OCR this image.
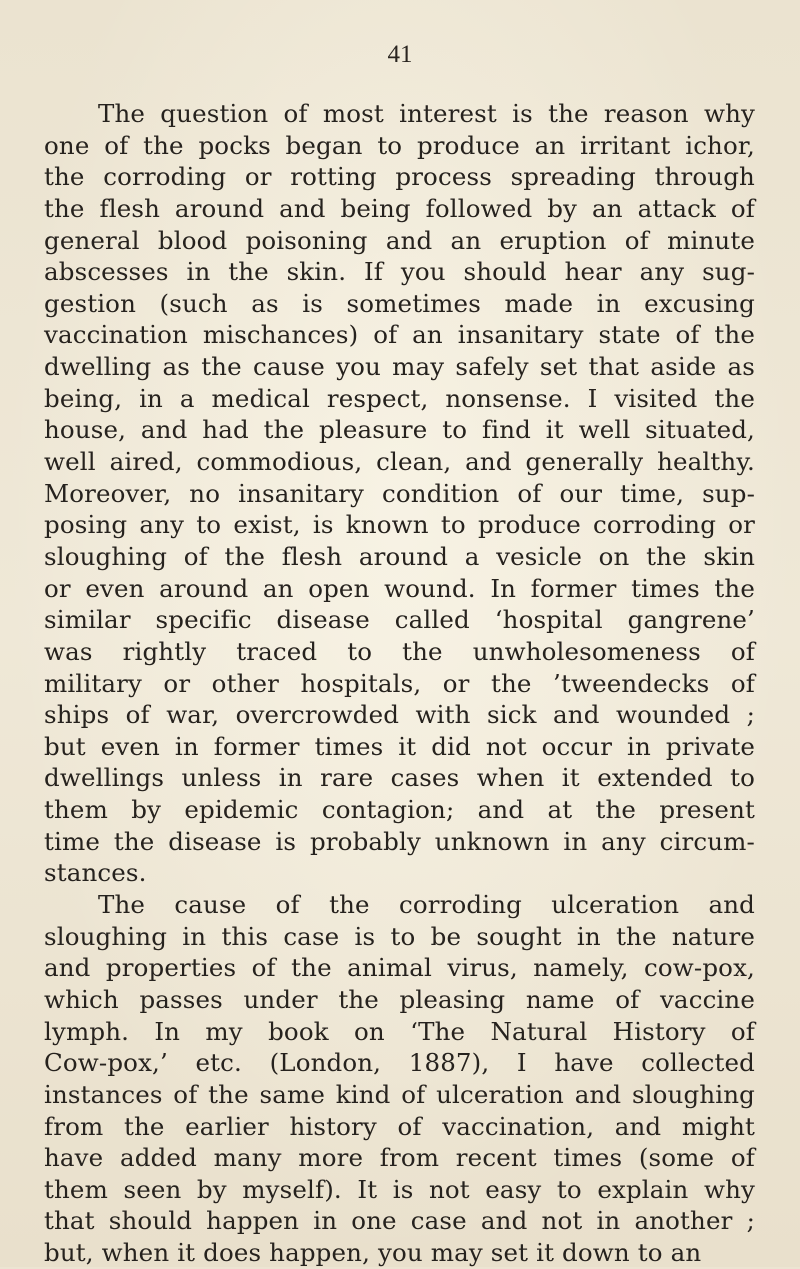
41
The question of most interest is the reason why
one of the pocks began to produce an irritant ichor,
the corroding or rotting process spreading through
the flesh around and being followed by an attack of
general blood poisoning and an eruption of minute
abscesses in the skin. If you should hear any sug-
gestion (such as is sometimes made in excusing
vaccination mischances) of an insanitary state of the
dwelling as the cause you may safely set that aside as
being, in a medical respect, nonsense. I visited the
house, and had the pleasure to find it well situated,
well aired, commodious, clean, and generally healthy.
Moreover, no insanitary condition of our time, sup-
posing any to exist, is known to produce corroding or
sloughing of the flesh around a vesicle on the skin
or even around an open wound. In former times the
similar specific disease called ‘hospital gangrene’
was rightly traced to the unwholesomeness of
military or other hospitals, or the ’tweendecks of
ships of war, overcrowded with sick and wounded ;
but even in former times it did not occur in private
dwellings unless in rare cases when it extended to
them by epidemic contagion; and at the present
time the disease is probably unknown in any circum-
stances.
The cause of the corroding ulceration and
sloughing in this case is to be sought in the nature
and properties of the animal virus, namely, cow-pox,
which passes under the pleasing name of vaccine
lymph. In my book on ‘The Natural History of
Cow-pox,’ etc. (London, 1887), I have collected
instances of the same kind of ulceration and sloughing
from the earlier history of vaccination, and might
have added many more from recent times (some of
them seen by myself). It is not easy to explain why
that should happen in one case and not in another ;
but, when it does happen, you may set it down to an
